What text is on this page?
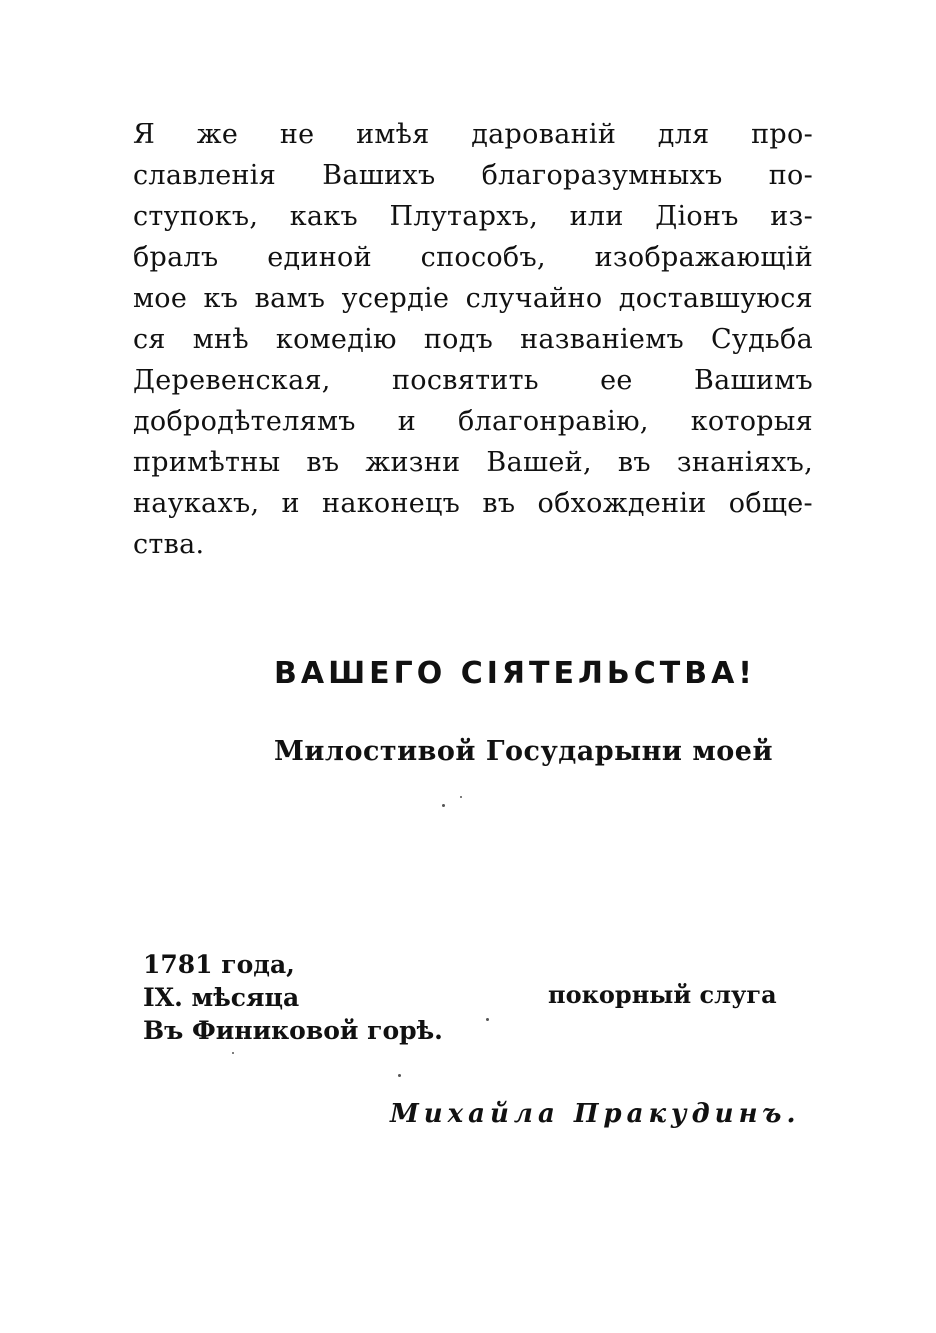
Я же не имѣя дарованій для про-
славленія Вашихъ благоразумныхъ по-
ступокъ, какъ Плутархъ, или Діонъ из-
бралъ единой способъ, изображающій
мое къ вамъ усердіе случайно доставшуюся
ся мнѣ комедію подъ названіемъ Судьба
Деревенская, посвятить ее Вашимъ
добродѣтелямъ и благонравію, которыя
примѣтны въ жизни Вашей, въ знаніяхъ,
наукахъ, и наконецъ въ обхожденіи обще-
ства.
ВАШЕГО СІЯТЕЛЬСТВА!
Милостивой Государыни моей
1781 года,
IX. мѣсяца
Въ Финиковой горѣ.
покорный слуга
Михайла Пракудинъ.
